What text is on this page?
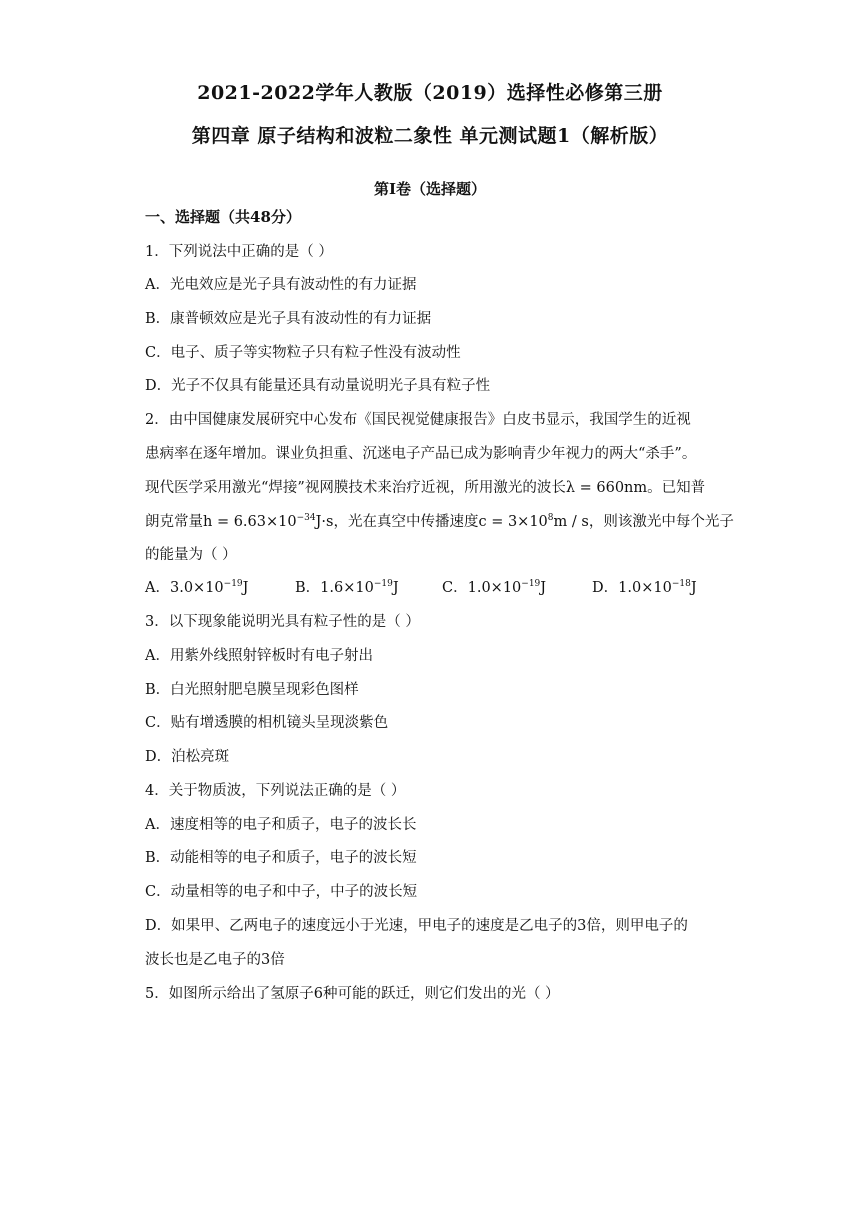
2021-2022学年人教版（2019）选择性必修第三册
第四章 原子结构和波粒二象性 单元测试题1（解析版）
第I卷（选择题）
一、选择题（共48分）
1．下列说法中正确的是（ ）
A．光电效应是光子具有波动性的有力证据
B．康普顿效应是光子具有波动性的有力证据
C．电子、质子等实物粒子只有粒子性没有波动性
D．光子不仅具有能量还具有动量说明光子具有粒子性
2．由中国健康发展研究中心发布《国民视觉健康报告》白皮书显示，我国学生的近视
患病率在逐年增加。课业负担重、沉迷电子产品已成为影响青少年视力的两大“杀手”。
现代医学采用激光“焊接”视网膜技术来治疗近视，所用激光的波长λ = 660nm。已知普
朗克常量$h = 6.63\times 10^{-34}J\cdot s$，光在真空中传播速度$c = 3\times 10^8m / s$，则该激光中每个光子
的能量为（ ）
A．$3.0\times 10^{-19}J$	B．$1.6\times 10^{-19}J$	C．$1.0\times 10^{-19}J$	D．$1.0\times 10^{-18}J$
3．以下现象能说明光具有粒子性的是（ ）
A．用紫外线照射锌板时有电子射出
B．白光照射肥皂膜呈现彩色图样
C．贴有增透膜的相机镜头呈现淡紫色
D．泊松亮斑
4．关于物质波，下列说法正确的是（ ）
A．速度相等的电子和质子，电子的波长长
B．动能相等的电子和质子，电子的波长短
C．动量相等的电子和中子，中子的波长短
D．如果甲、乙两电子的速度远小于光速，甲电子的速度是乙电子的3倍，则甲电子的
波长也是乙电子的3倍
5．如图所示给出了氢原子6种可能的跃迁，则它们发出的光（ ）
